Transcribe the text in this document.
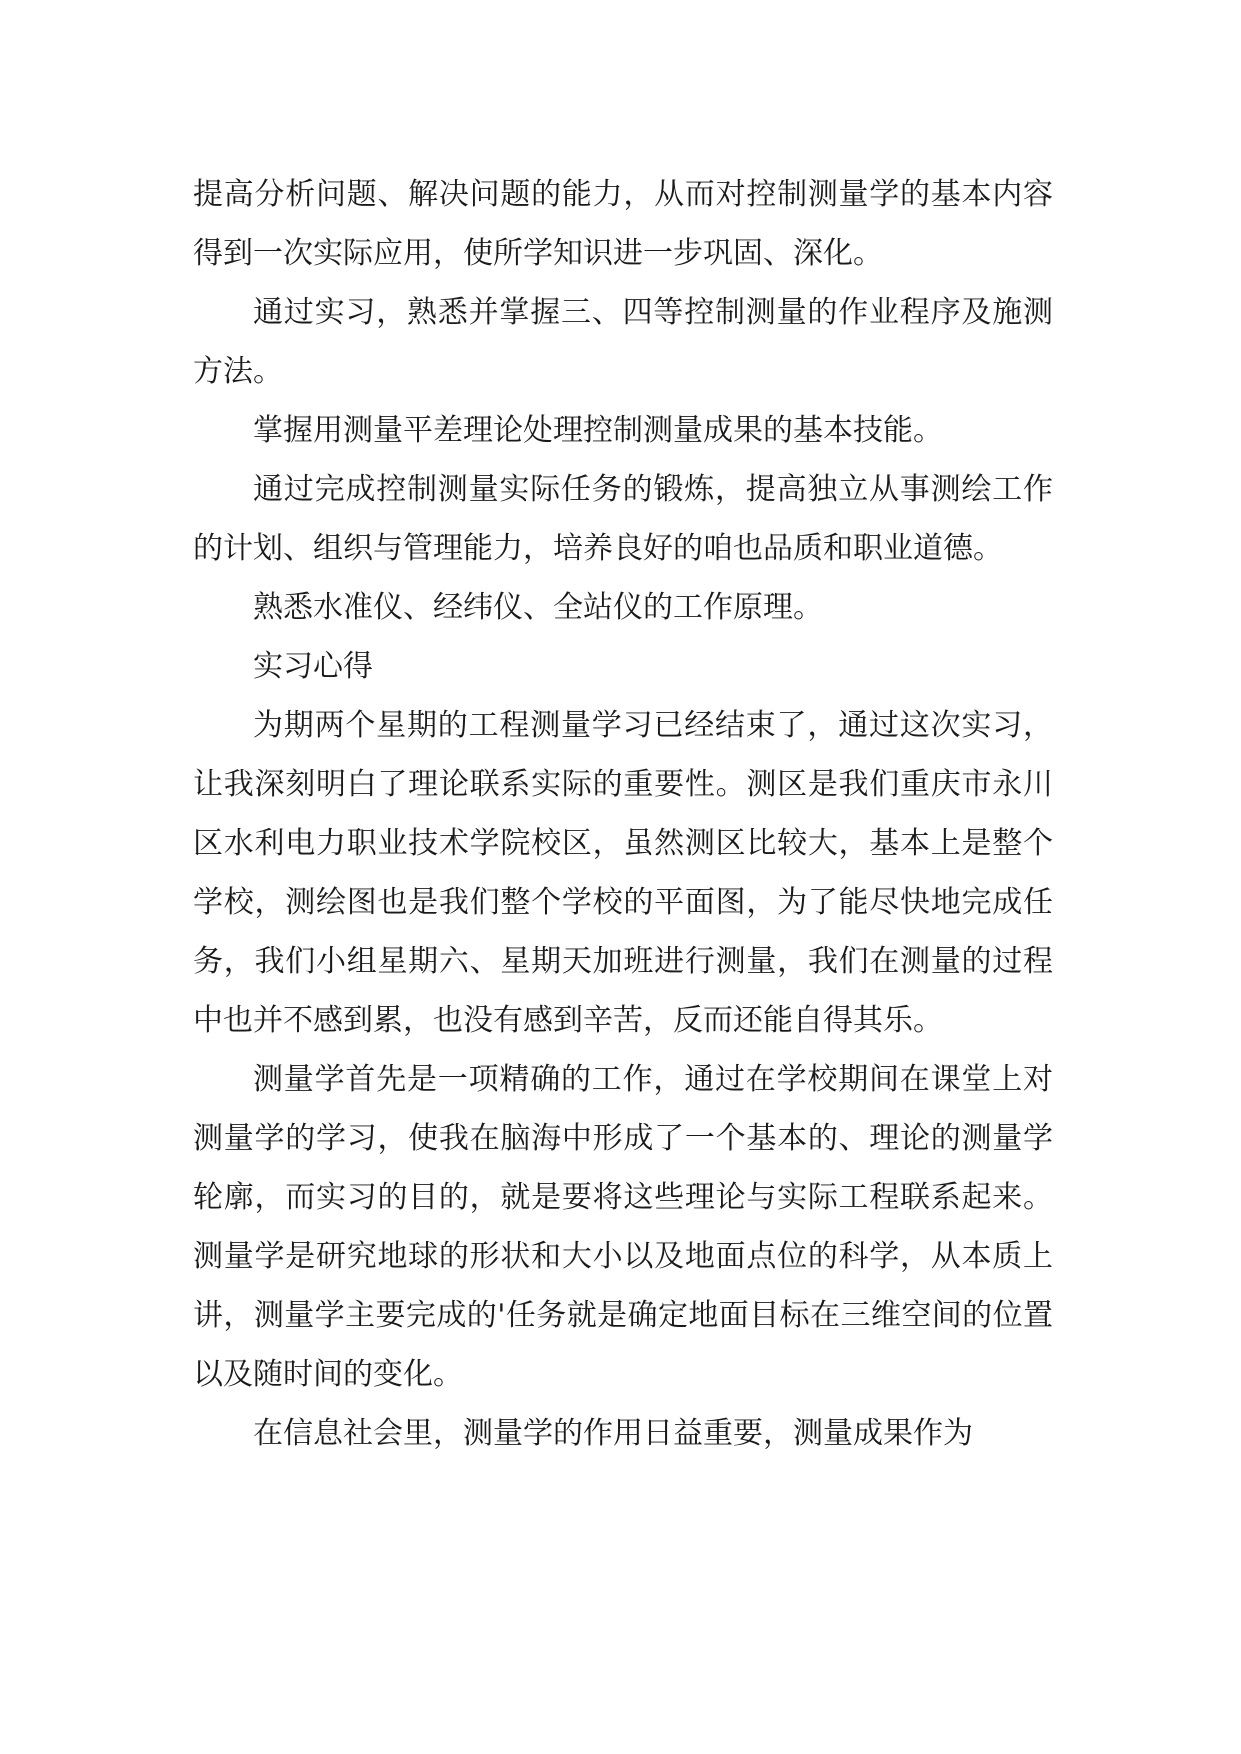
提高分析问题、解决问题的能力，从而对控制测量学的基本内容得到一次实际应用，使所学知识进一步巩固、深化。

通过实习，熟悉并掌握三、四等控制测量的作业程序及施测方法。

掌握用测量平差理论处理控制测量成果的基本技能。

通过完成控制测量实际任务的锻炼，提高独立从事测绘工作的计划、组织与管理能力，培养良好的咱也品质和职业道德。

熟悉水准仪、经纬仪、全站仪的工作原理。

实习心得

为期两个星期的工程测量学习已经结束了，通过这次实习，让我深刻明白了理论联系实际的重要性。测区是我们重庆市永川区水利电力职业技术学院校区，虽然测区比较大，基本上是整个学校，测绘图也是我们整个学校的平面图，为了能尽快地完成任务，我们小组星期六、星期天加班进行测量，我们在测量的过程中也并不感到累，也没有感到辛苦，反而还能自得其乐。

测量学首先是一项精确的工作，通过在学校期间在课堂上对测量学的学习，使我在脑海中形成了一个基本的、理论的测量学轮廓，而实习的目的，就是要将这些理论与实际工程联系起来。测量学是研究地球的形状和大小以及地面点位的科学，从本质上讲，测量学主要完成的'任务就是确定地面目标在三维空间的位置以及随时间的变化。

在信息社会里，测量学的作用日益重要，测量成果作为
